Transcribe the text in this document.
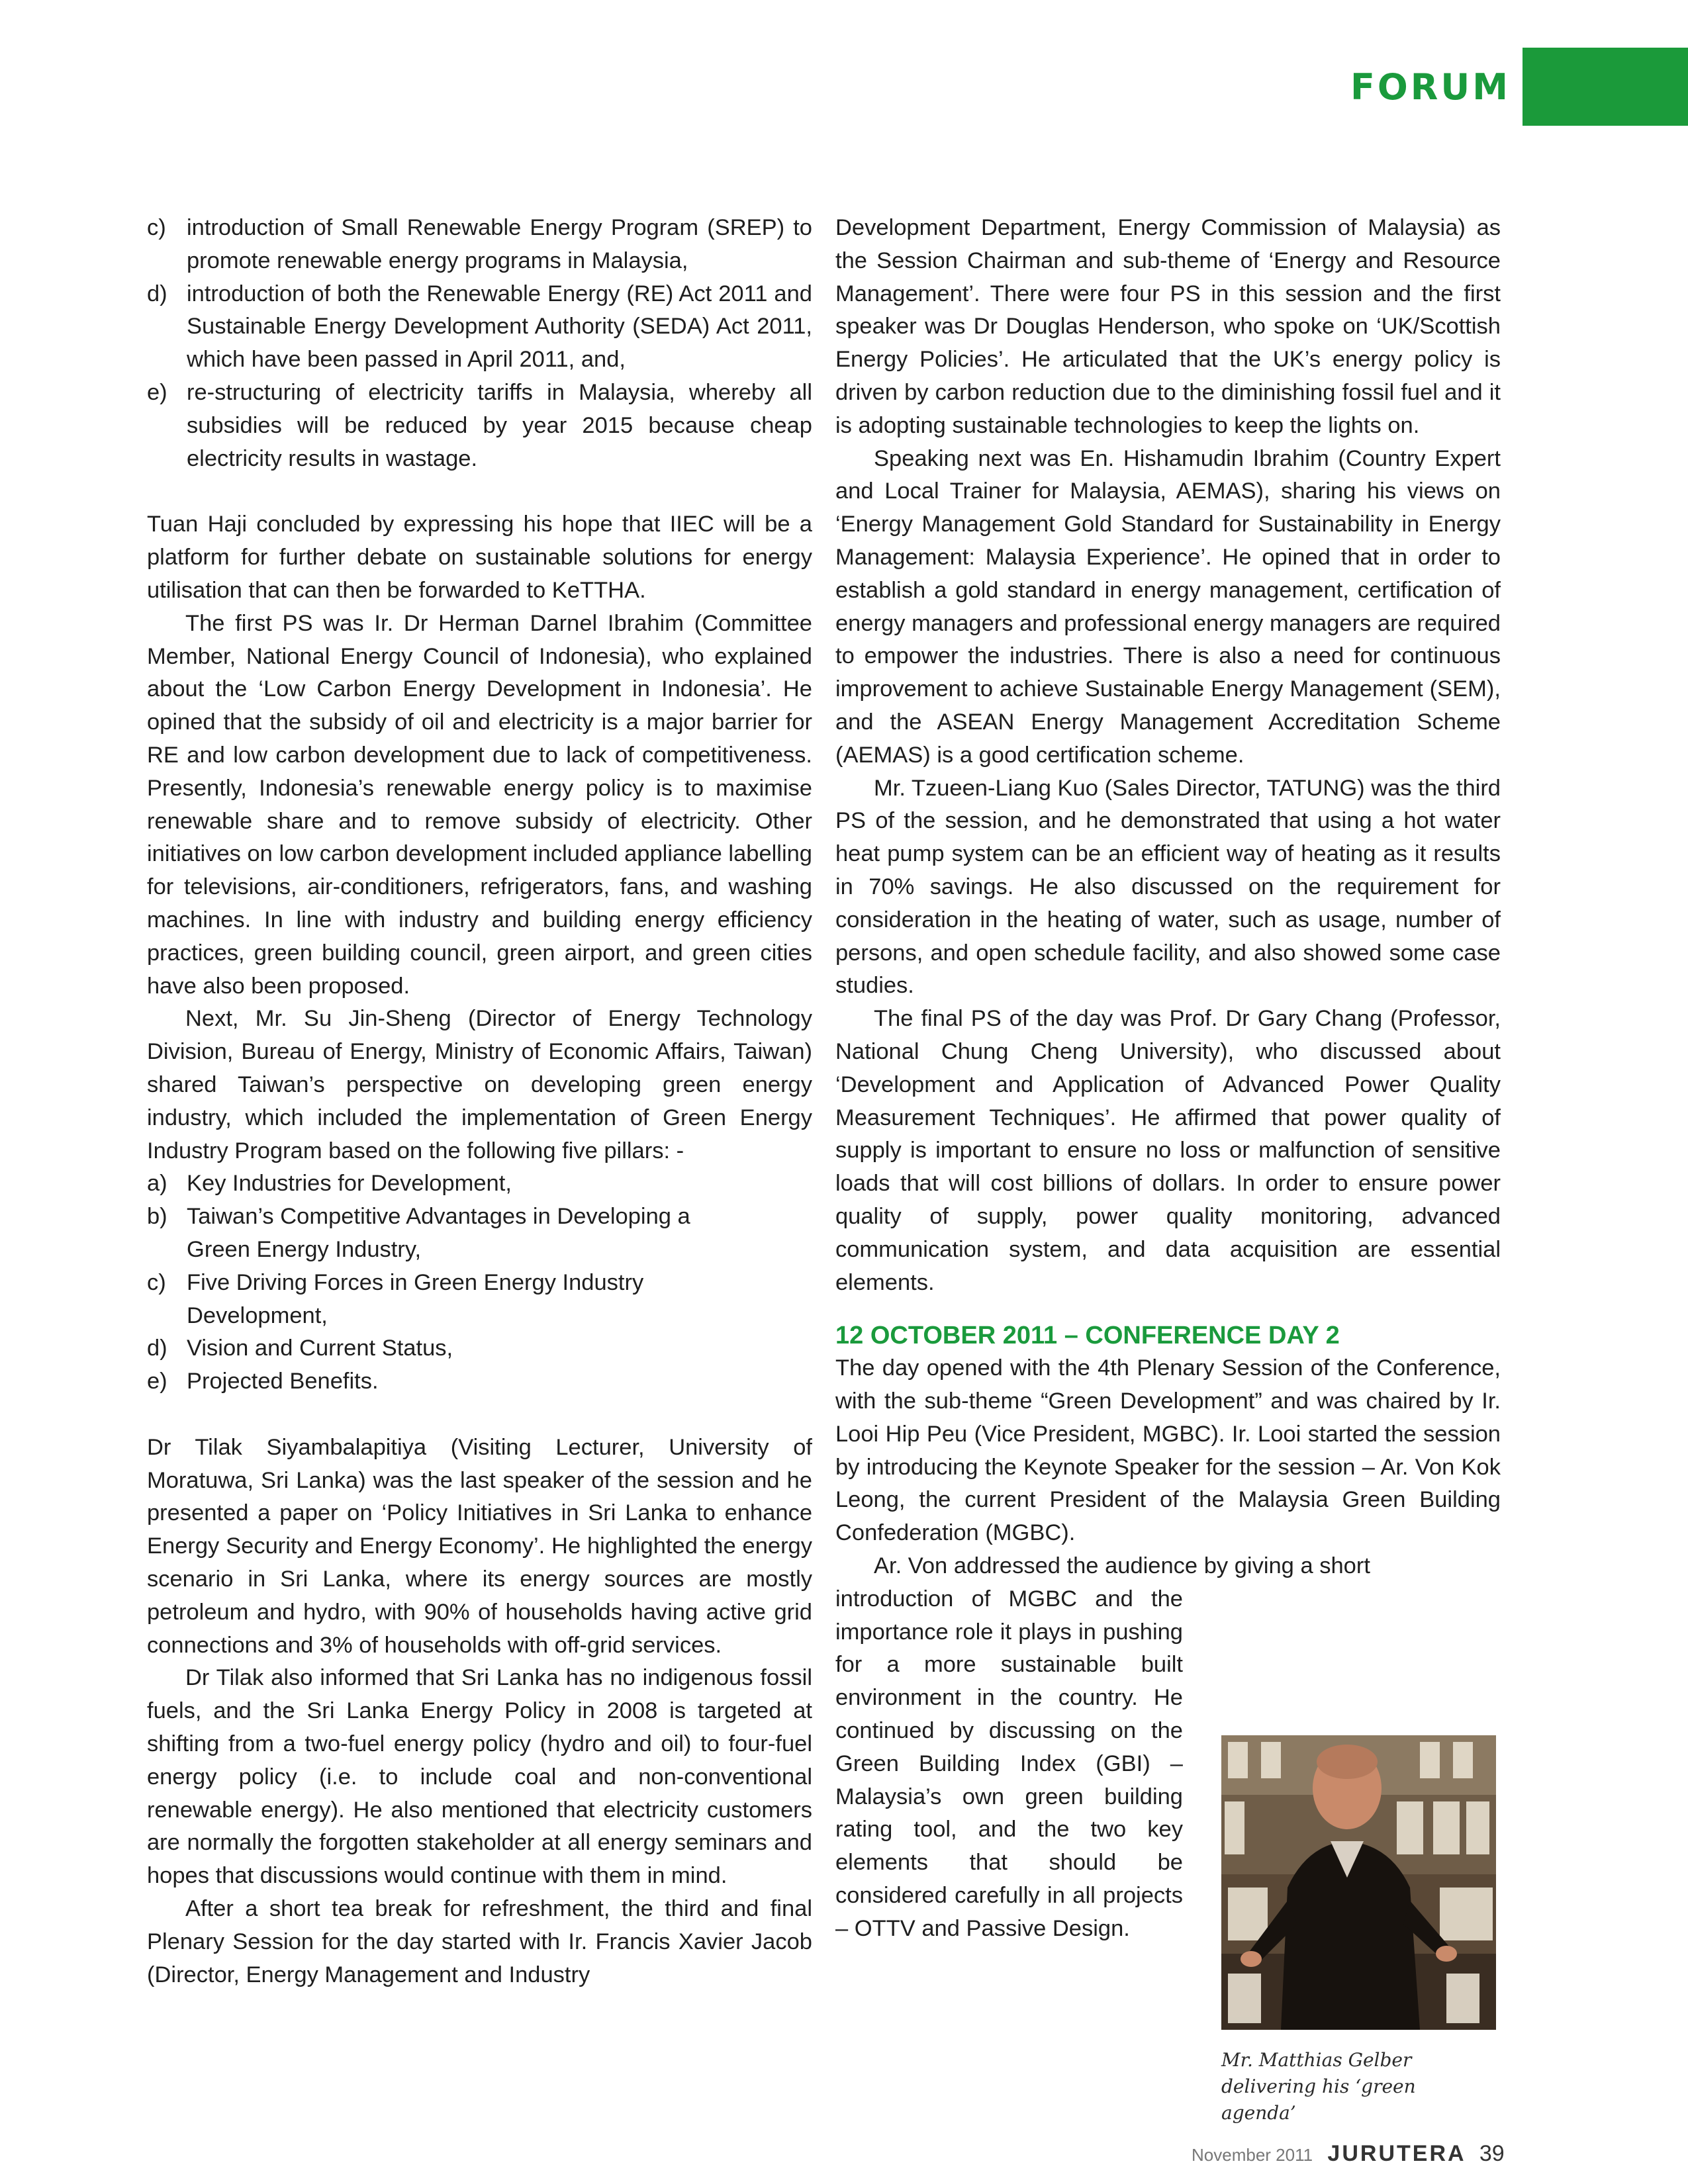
FORUM
c) introduction of Small Renewable Energy Program (SREP) to promote renewable energy programs in Malaysia,
d) introduction of both the Renewable Energy (RE) Act 2011 and Sustainable Energy Development Authority (SEDA) Act 2011, which have been passed in April 2011, and,
e) re-structuring of electricity tariffs in Malaysia, whereby all subsidies will be reduced by year 2015 because cheap electricity results in wastage.

Tuan Haji concluded by expressing his hope that IIEC will be a platform for further debate on sustainable solutions for energy utilisation that can then be forwarded to KeTTHA.

The first PS was Ir. Dr Herman Darnel Ibrahim (Committee Member, National Energy Council of Indonesia), who explained about the ‘Low Carbon Energy Development in Indonesia’. He opined that the subsidy of oil and electricity is a major barrier for RE and low carbon development due to lack of competitiveness. Presently, Indonesia’s renewable energy policy is to maximise renewable share and to remove subsidy of electricity. Other initiatives on low carbon development included appliance labelling for televisions, air-conditioners, refrigerators, fans, and washing machines. In line with industry and building energy efficiency practices, green building council, green airport, and green cities have also been proposed.

Next, Mr. Su Jin-Sheng (Director of Energy Technology Division, Bureau of Energy, Ministry of Economic Affairs, Taiwan) shared Taiwan’s perspective on developing green energy industry, which included the implementation of Green Energy Industry Program based on the following five pillars: -

a) Key Industries for Development,
b) Taiwan’s Competitive Advantages in Developing a Green Energy Industry,
c) Five Driving Forces in Green Energy Industry Development,
d) Vision and Current Status,
e) Projected Benefits.

Dr Tilak Siyambalapitiya (Visiting Lecturer, University of Moratuwa, Sri Lanka) was the last speaker of the session and he presented a paper on ‘Policy Initiatives in Sri Lanka to enhance Energy Security and Energy Economy’. He highlighted the energy scenario in Sri Lanka, where its energy sources are mostly petroleum and hydro, with 90% of households having active grid connections and 3% of households with off-grid services.

Dr Tilak also informed that Sri Lanka has no indigenous fossil fuels, and the Sri Lanka Energy Policy in 2008 is targeted at shifting from a two-fuel energy policy (hydro and oil) to four-fuel energy policy (i.e. to include coal and non-conventional renewable energy). He also mentioned that electricity customers are normally the forgotten stakeholder at all energy seminars and hopes that discussions would continue with them in mind.

After a short tea break for refreshment, the third and final Plenary Session for the day started with Ir. Francis Xavier Jacob (Director, Energy Management and Industry

Development Department, Energy Commission of Malaysia) as the Session Chairman and sub-theme of ‘Energy and Resource Management’. There were four PS in this session and the first speaker was Dr Douglas Henderson, who spoke on ‘UK/Scottish Energy Policies’. He articulated that the UK’s energy policy is driven by carbon reduction due to the diminishing fossil fuel and it is adopting sustainable technologies to keep the lights on.

Speaking next was En. Hishamudin Ibrahim (Country Expert and Local Trainer for Malaysia, AEMAS), sharing his views on ‘Energy Management Gold Standard for Sustainability in Energy Management: Malaysia Experience’. He opined that in order to establish a gold standard in energy management, certification of energy managers and professional energy managers are required to empower the industries. There is also a need for continuous improvement to achieve Sustainable Energy Management (SEM), and the ASEAN Energy Management Accreditation Scheme (AEMAS) is a good certification scheme.

Mr. Tzueen-Liang Kuo (Sales Director, TATUNG) was the third PS of the session, and he demonstrated that using a hot water heat pump system can be an efficient way of heating as it results in 70% savings. He also discussed on the requirement for consideration in the heating of water, such as usage, number of persons, and open schedule facility, and also showed some case studies.

The final PS of the day was Prof. Dr Gary Chang (Professor, National Chung Cheng University), who discussed about ‘Development and Application of Advanced Power Quality Measurement Techniques’. He affirmed that power quality of supply is important to ensure no loss or malfunction of sensitive loads that will cost billions of dollars. In order to ensure power quality of supply, power quality monitoring, advanced communication system, and data acquisition are essential elements.

12 OCTOBER 2011 – CONFERENCE DAY 2

The day opened with the 4th Plenary Session of the Conference, with the sub-theme “Green Development” and was chaired by Ir. Looi Hip Peu (Vice President, MGBC). Ir. Looi started the session by introducing the Keynote Speaker for the session – Ar. Von Kok Leong, the current President of the Malaysia Green Building Confederation (MGBC).

Ar. Von addressed the audience by giving a short

introduction of MGBC and the importance role it plays in pushing for a more sustainable built environment in the country. He continued by discussing on the Green Building Index (GBI) – Malaysia’s own green building rating tool, and the two key elements that should be considered carefully in all projects – OTTV and Passive Design.
Mr. Matthias Gelber delivering his ‘green agenda’
November 2011 JURUTERA 39
